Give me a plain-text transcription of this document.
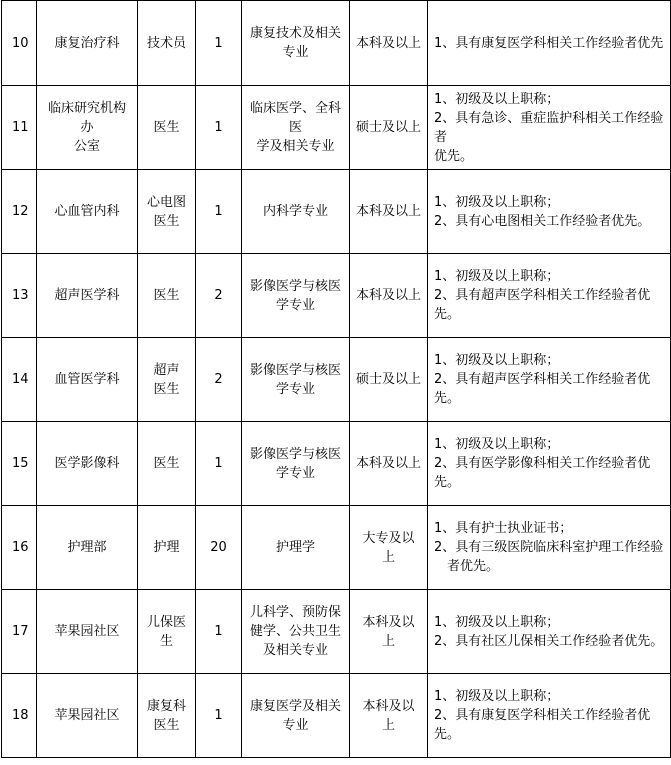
10	康复治疗科	技术员	1	康复技术及相关
专业	本科及以上	1、具有康复医学科相关工作经验者优先

11	临床研究机构办
公室	医生	1	临床医学、全科医
学及相关专业	硕士及以上	1、初级及以上职称；
2、具有急诊、重症监护科相关工作经验者
优先。

12	心血管内科	心电图
医生	1	内科学专业	本科及以上	1、初级及以上职称；
2、具有心电图相关工作经验者优先。

13	超声医学科	医生	2	影像医学与核医
学专业	本科及以上	1、初级及以上职称；
2、具有超声医学科相关工作经验者优先。

14	血管医学科	超声
医生	2	影像医学与核医
学专业	硕士及以上	1、初级及以上职称；
2、具有超声医学科相关工作经验者优先。

15	医学影像科	医生	1	影像医学与核医
学专业	本科及以上	1、初级及以上职称；
2、具有医学影像科相关工作经验者优先。

16	护理部	护理	20	护理学	大专及以
上	1、具有护士执业证书；
2、具有三级医院临床科室护理工作经验
者优先。

17	苹果园社区	儿保医
生	1	儿科学、预防保
健学、公共卫生
及相关专业	本科及以
上	1、初级及以上职称；
2、具有社区儿保相关工作经验者优先。

18	苹果园社区	康复科
医生	1	康复医学及相关
专业	本科及以
上	1、初级及以上职称；
2、具有康复医学科相关工作经验者优
先。
